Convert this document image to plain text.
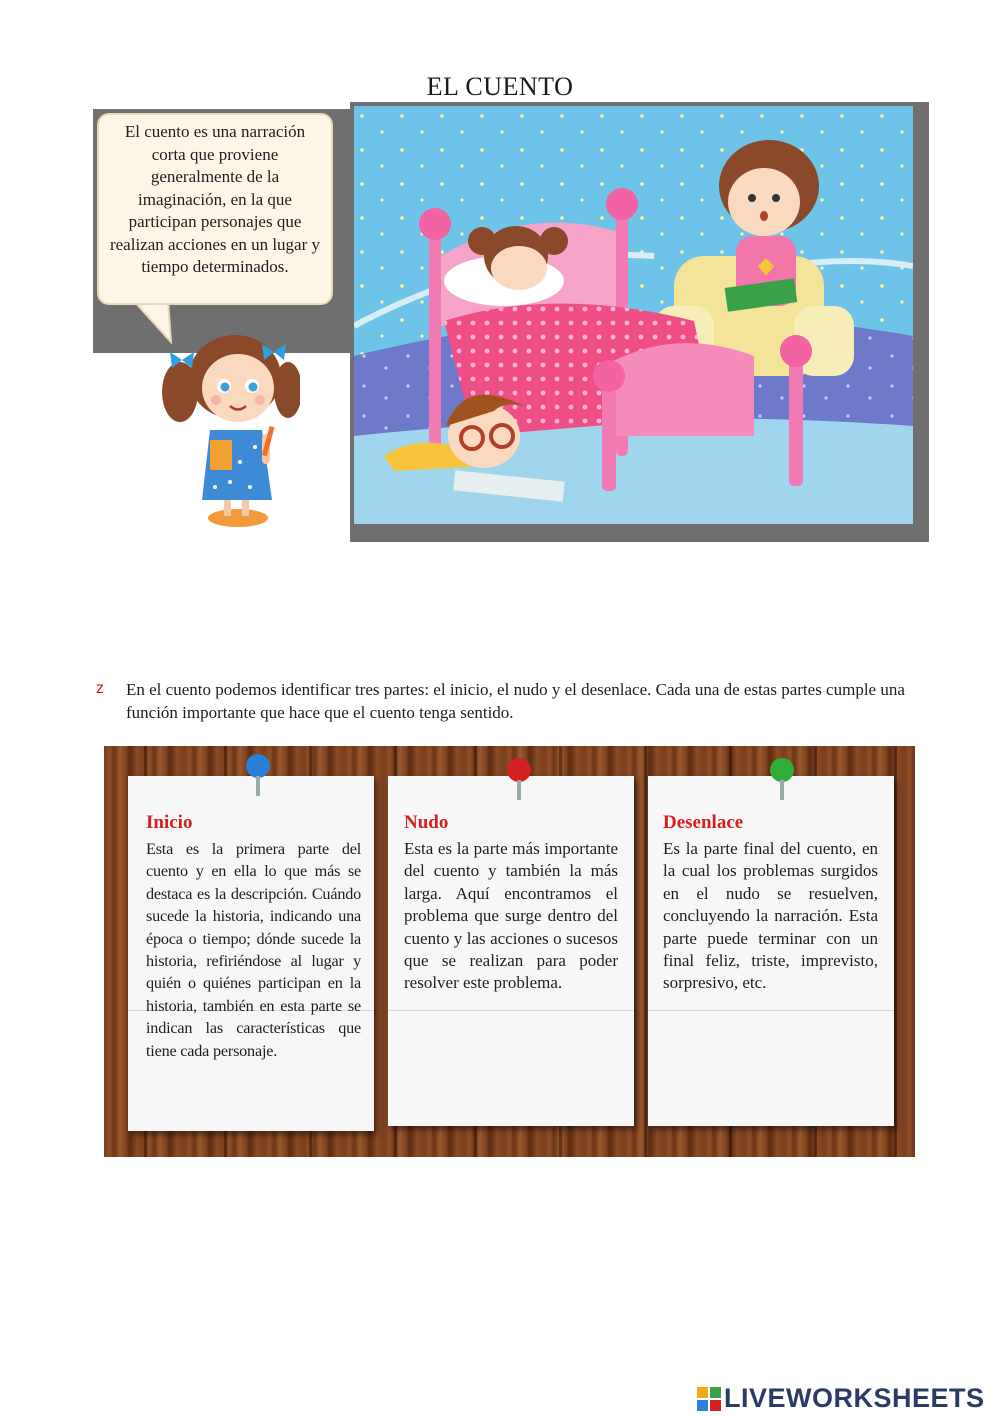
EL CUENTO
El cuento es una narración corta que proviene generalmente de la imaginación, en la que participan personajes que realizan acciones en un lugar y tiempo determinados.
z En el cuento podemos identificar tres partes: el inicio, el nudo y el desenlace. Cada una de estas partes cumple una función importante que hace que el cuento tenga sentido.
Inicio
Esta es la primera parte del cuento y en ella lo que más se destaca es la descripción. Cuándo sucede la historia, indicando una época o tiempo; dónde sucede la historia, refiriéndose al lugar y quién o quiénes participan en la historia, también en esta parte se indican las características que tiene cada personaje.
Nudo
Esta es la parte más importante del cuento y también la más larga. Aquí encontramos el problema que surge dentro del cuento y las acciones o sucesos que se realizan para poder resolver este problema.
Desenlace
Es la parte final del cuento, en la cual los problemas surgidos en el nudo se resuelven, concluyendo la narración. Esta parte puede terminar con un final feliz, triste, imprevisto, sorpresivo, etc.
LIVEWORKSHEETS
